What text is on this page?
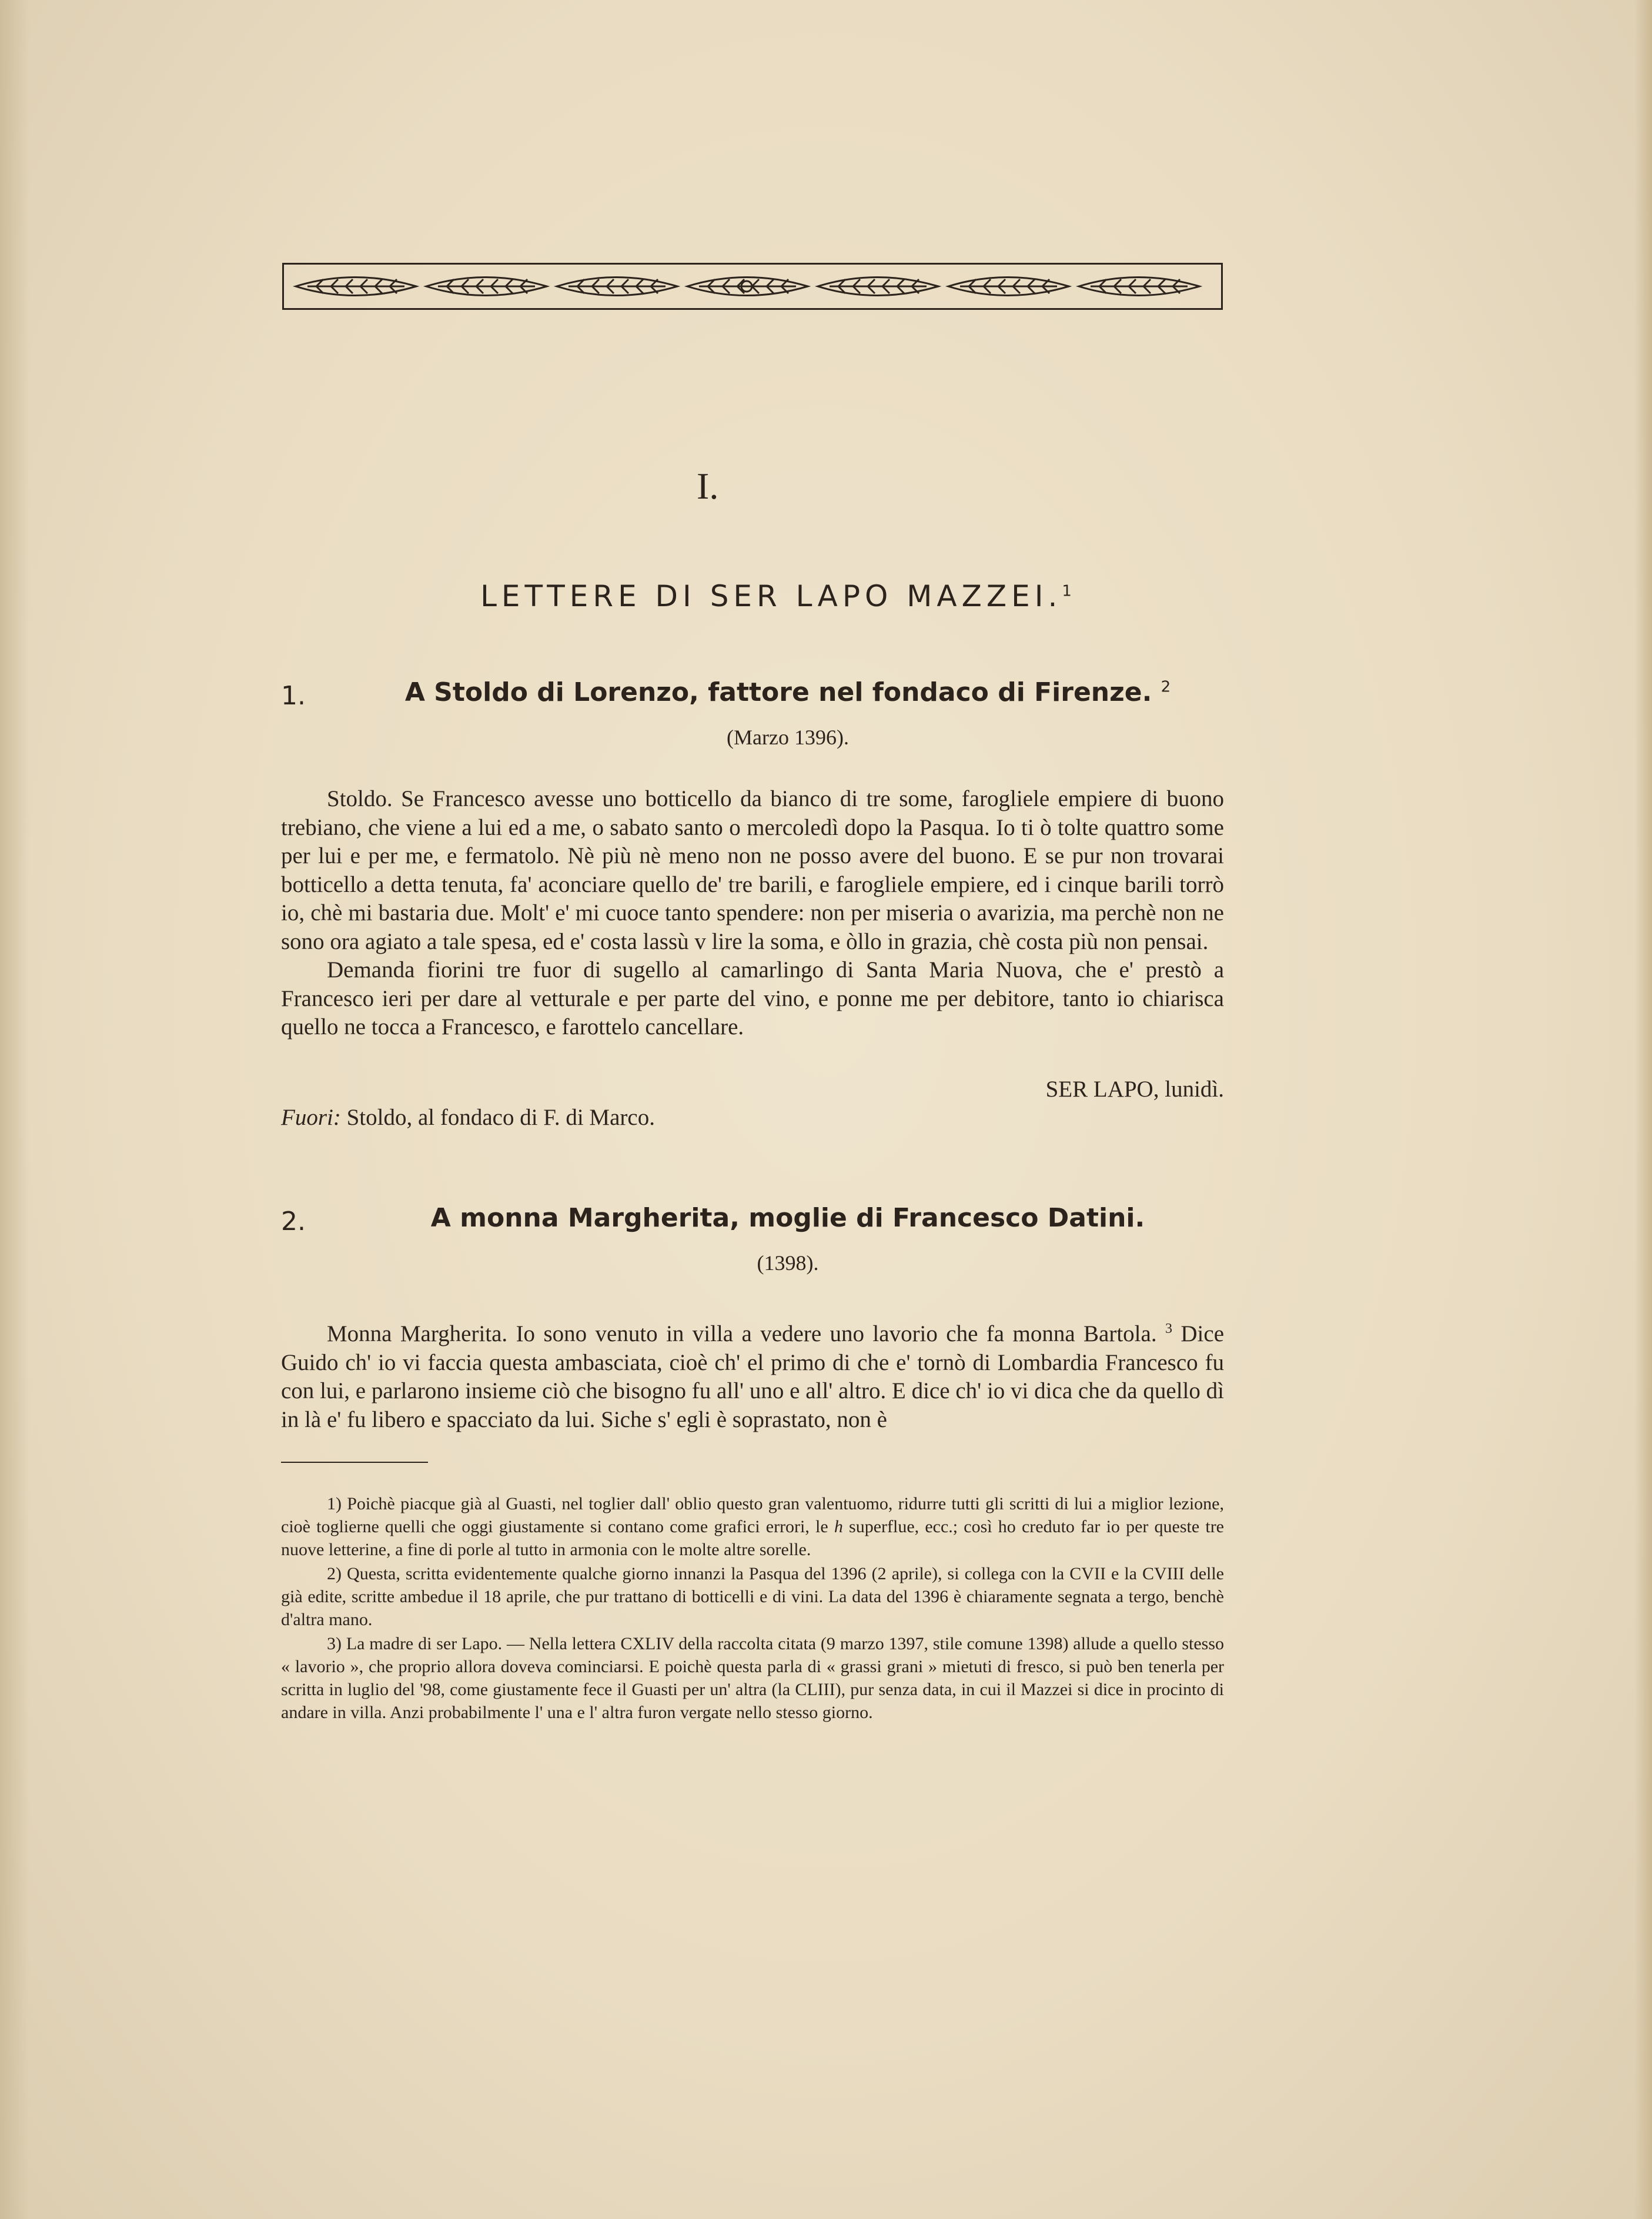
I.
LETTERE DI SER LAPO MAZZEI.$^1$
1.	A Stoldo di Lorenzo, fattore nel fondaco di Firenze. $^2$
(Marzo 1396).

Stoldo. Se Francesco avesse uno botticello da bianco di tre some, farogliele empiere di buono trebiano, che viene a lui ed a me, o sabato santo o mercoledì dopo la Pasqua. Io ti ò tolte quattro some per lui e per me, e fermatolo. Nè più nè meno non ne posso avere del buono. E se pur non trovarai botticello a detta tenuta, fa' aconciare quello de' tre barili, e farogliele empiere, ed i cinque barili torrò io, chè mi bastaria due. Molt' e' mi cuoce tanto spendere: non per miseria o avarizia, ma perchè non ne sono ora agiato a tale spesa, ed e' costa lassù v lire la soma, e òllo in grazia, chè costa più non pensai.

Demanda fiorini tre fuor di sugello al camarlingo di Santa Maria Nuova, che e' prestò a Francesco ieri per dare al vetturale e per parte del vino, e ponne me per debitore, tanto io chiarisca quello ne tocca a Francesco, e farottelo cancellare.

SER LAPO, lunidì.
Fuori: Stoldo, al fondaco di F. di Marco.
2.	A monna Margherita, moglie di Francesco Datini.
(1398).

Monna Margherita. Io sono venuto in villa a vedere uno lavorio che fa monna Bartola. $^3$ Dice Guido ch' io vi faccia questa ambasciata, cioè ch' el primo di che e' tornò di Lombardia Francesco fu con lui, e parlarono insieme ciò che bisogno fu all' uno e all' altro. E dice ch' io vi dica che da quello dì in là e' fu libero e spacciato da lui. Siche s' egli è soprastato, non è

1) Poichè piacque già al Guasti, nel toglier dall' oblio questo gran valentuomo, ridurre tutti gli scritti di lui a miglior lezione, cioè toglierne quelli che oggi giustamente si contano come grafici errori, le h superflue, ecc.; così ho creduto far io per queste tre nuove letterine, a fine di porle al tutto in armonia con le molte altre sorelle.

2) Questa, scritta evidentemente qualche giorno innanzi la Pasqua del 1396 (2 aprile), si collega con la CVII e la CVIII delle già edite, scritte ambedue il 18 aprile, che pur trattano di botticelli e di vini. La data del 1396 è chiaramente segnata a tergo, benchè d'altra mano.

3) La madre di ser Lapo. — Nella lettera CXLIV della raccolta citata (9 marzo 1397, stile comune 1398) allude a quello stesso « lavorio », che proprio allora doveva cominciarsi. E poichè questa parla di « grassi grani » mietuti di fresco, si può ben tenerla per scritta in luglio del '98, come giustamente fece il Guasti per un' altra (la CLIII), pur senza data, in cui il Mazzei si dice in procinto di andare in villa. Anzi probabilmente l' una e l' altra furon vergate nello stesso giorno.
